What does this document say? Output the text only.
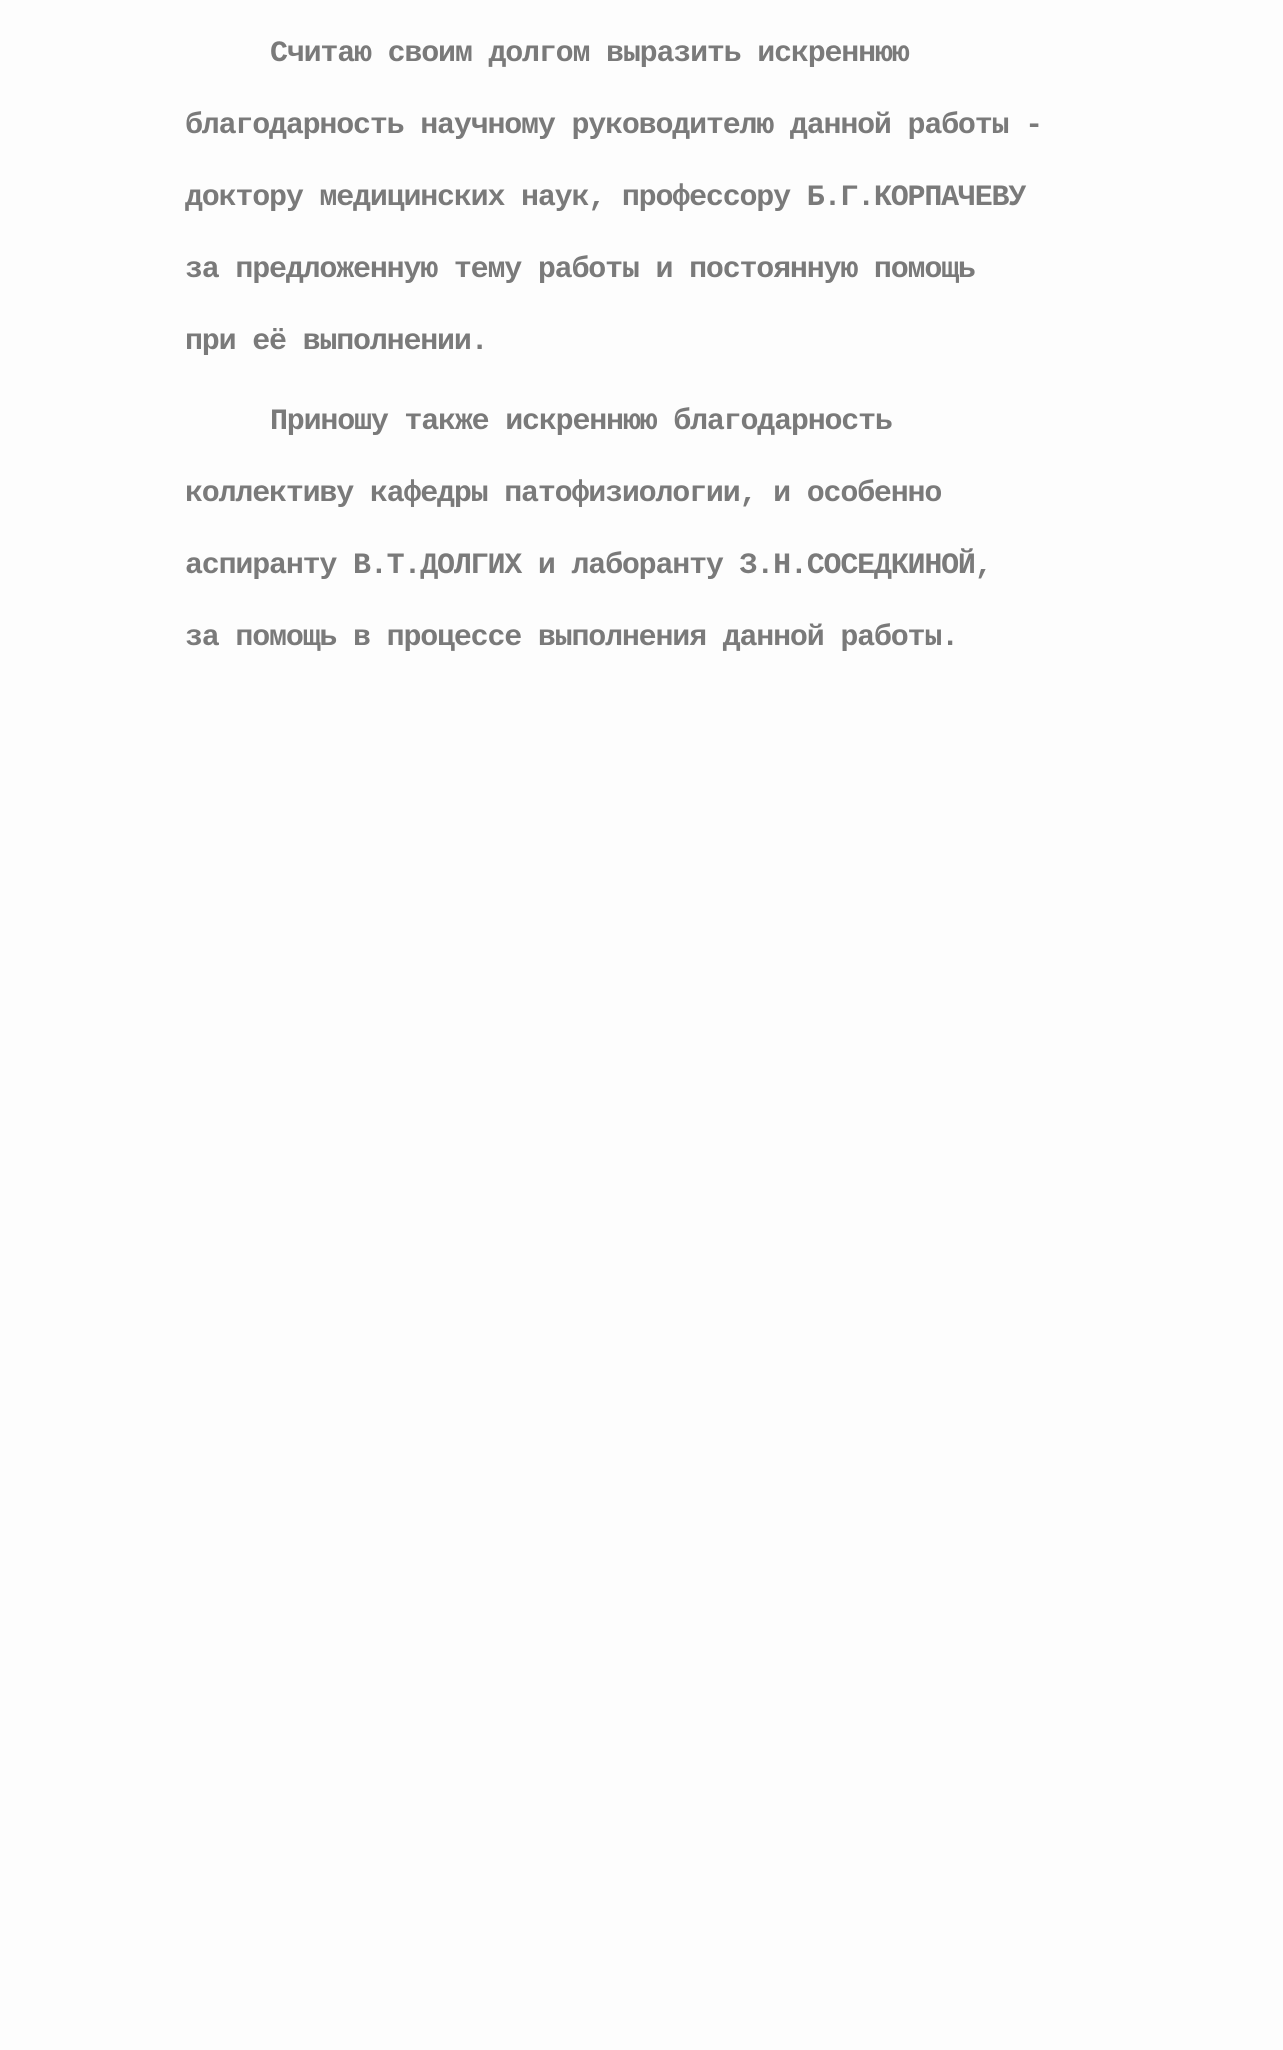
Считаю своим долгом выразить искреннюю
благодарность научному руководителю данной работы -
доктору медицинских наук, профессору Б.Г.КОРПАЧЕВУ
за предложенную тему работы и постоянную помощь
при её выполнении.
Приношу также искреннюю благодарность
коллективу кафедры патофизиологии, и особенно
аспиранту В.Т.ДОЛГИХ и лаборанту З.Н.СОСЕДКИНОЙ,
за помощь в процессе выполнения данной работы.
